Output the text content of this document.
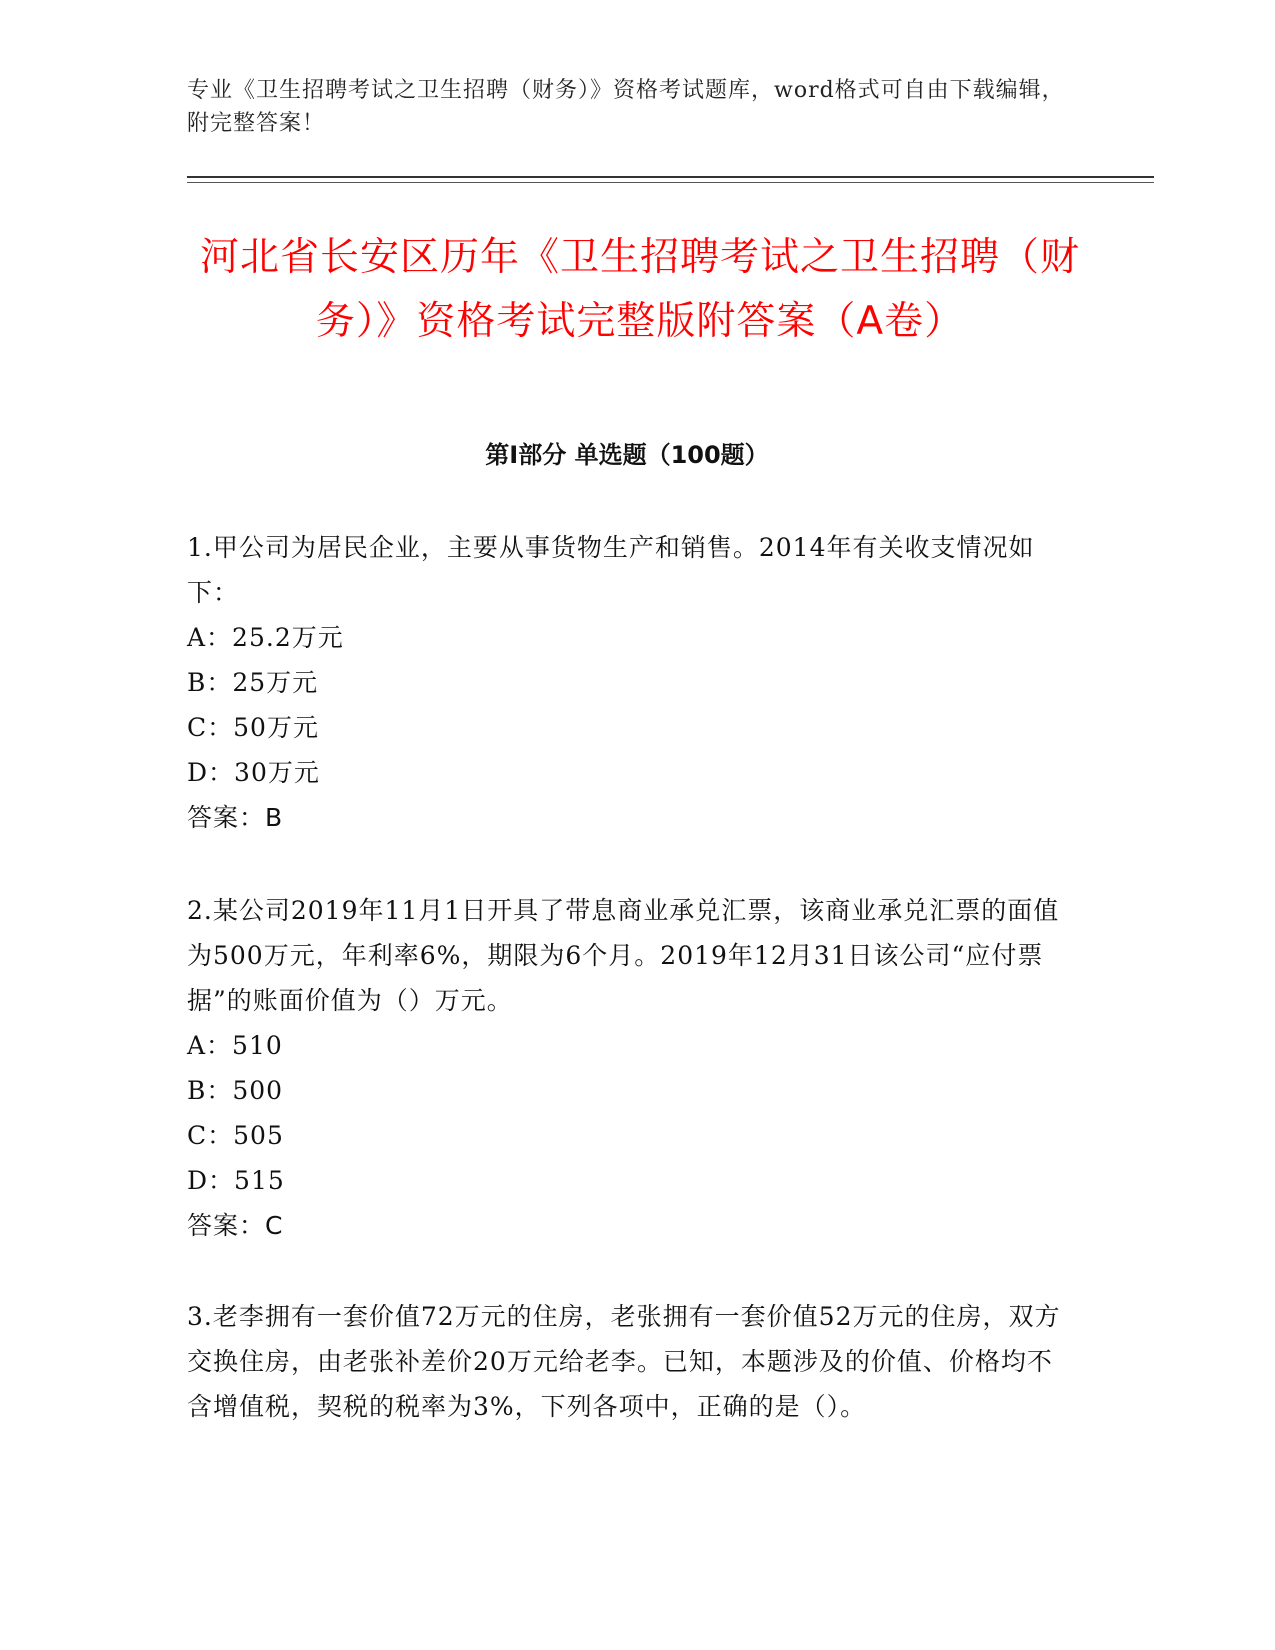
专业《卫生招聘考试之卫生招聘（财务）》资格考试题库，word格式可自由下载编辑，附完整答案！
河北省长安区历年《卫生招聘考试之卫生招聘（财务）》资格考试完整版附答案（A卷）
第I部分 单选题（100题）

1.甲公司为居民企业，主要从事货物生产和销售。2014年有关收支情况如下：

A：25.2万元

B：25万元

C：50万元

D：30万元

答案：B

2.某公司2019年11月1日开具了带息商业承兑汇票，该商业承兑汇票的面值为500万元，年利率6%，期限为6个月。2019年12月31日该公司“应付票据”的账面价值为（）万元。

A：510

B：500

C：505

D：515

答案：C

3.老李拥有一套价值72万元的住房，老张拥有一套价值52万元的住房，双方交换住房，由老张补差价20万元给老李。已知，本题涉及的价值、价格均不含增值税，契税的税率为3%，下列各项中，正确的是（）。
